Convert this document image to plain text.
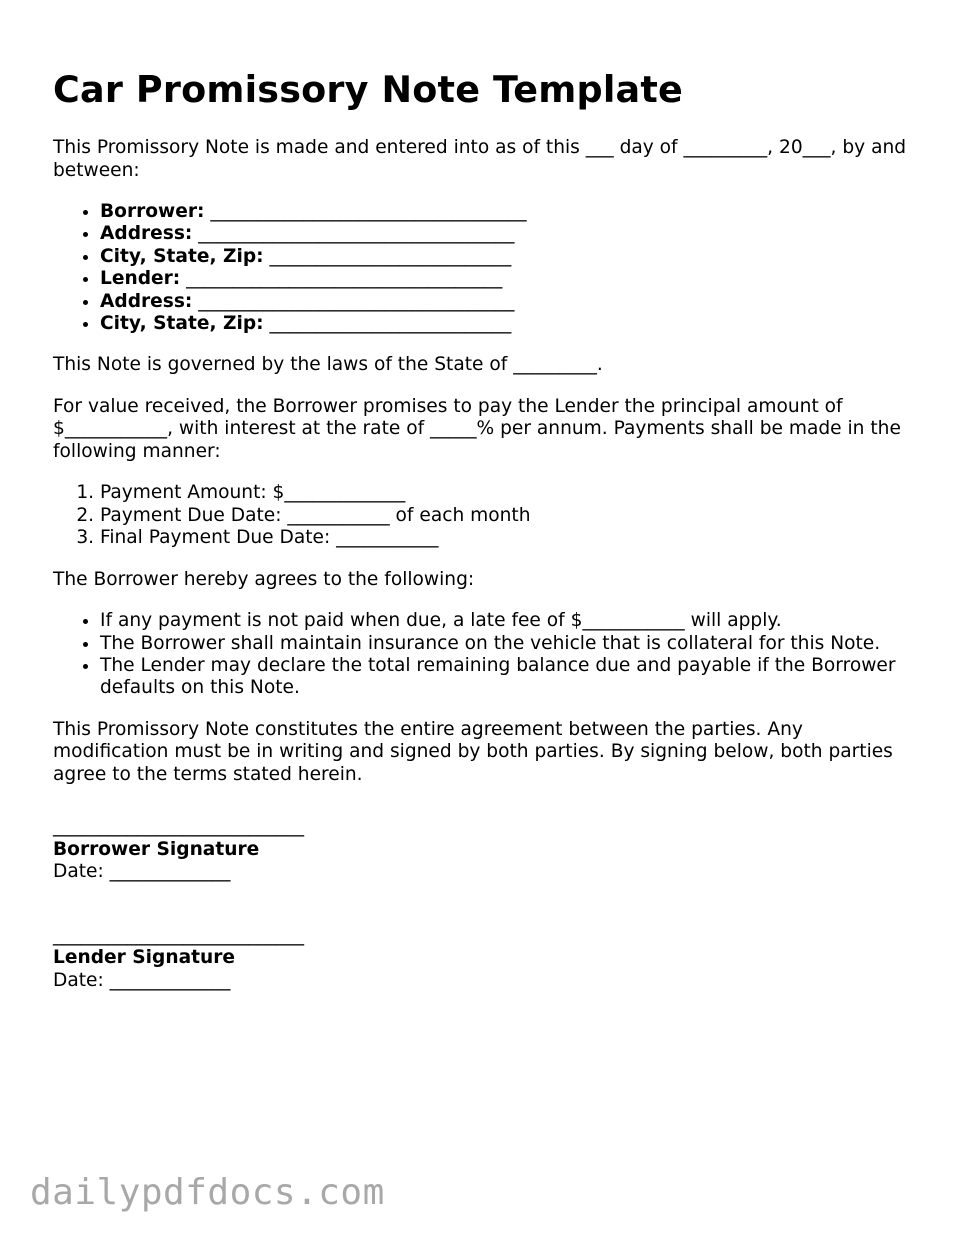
Car Promissory Note Template

This Promissory Note is made and entered into as of this ___ day of _________, 20___, by and between:

• Borrower: __________________________________
• Address: __________________________________
• City, State, Zip: __________________________
• Lender: __________________________________
• Address: __________________________________
• City, State, Zip: __________________________

This Note is governed by the laws of the State of _________.

For value received, the Borrower promises to pay the Lender the principal amount of $___________, with interest at the rate of _____% per annum. Payments shall be made in the following manner:

1. Payment Amount: $_____________
2. Payment Due Date: ___________ of each month
3. Final Payment Due Date: ___________

The Borrower hereby agrees to the following:

• If any payment is not paid when due, a late fee of $___________ will apply.
• The Borrower shall maintain insurance on the vehicle that is collateral for this Note.
• The Lender may declare the total remaining balance due and payable if the Borrower defaults on this Note.

This Promissory Note constitutes the entire agreement between the parties. Any modification must be in writing and signed by both parties. By signing below, both parties agree to the terms stated herein.

___________________________
Borrower Signature
Date: _____________
___________________________
Lender Signature
Date: _____________
dailypdfdocs.com
